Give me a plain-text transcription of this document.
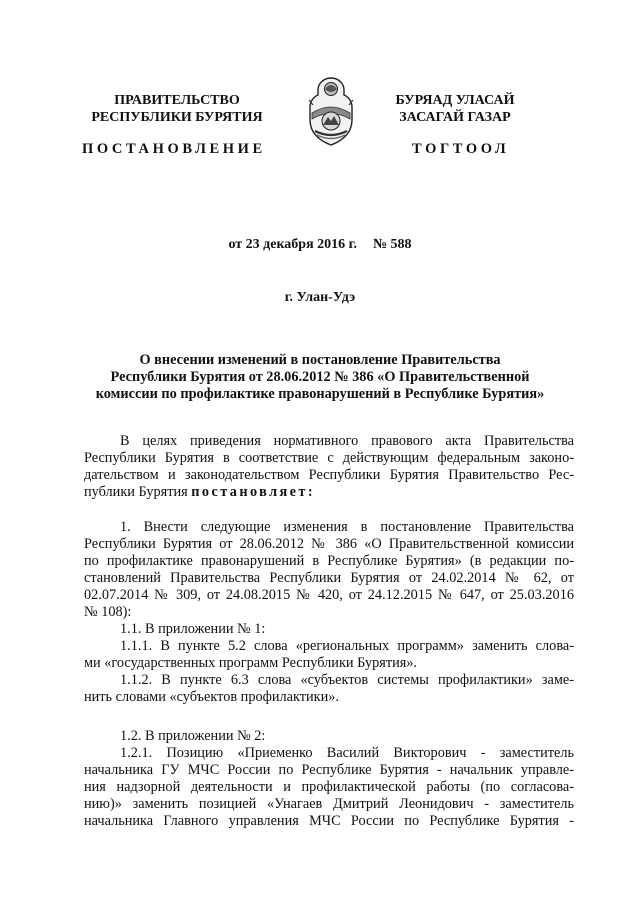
ПРАВИТЕЛЬСТВО
РЕСПУБЛИКИ БУРЯТИЯ
БУРЯАД УЛАСАЙ
ЗАСАГАЙ ГАЗАР
ПОСТАНОВЛЕНИЕ	ТОГТООЛ
от 23 декабря 2016 г. № 588
г. Улан-Удэ
О внесении изменений в постановление Правительства
Республики Бурятия от 28.06.2012 № 386 «О Правительственной
комиссии по профилактике правонарушений в Республике Бурятия»
В целях приведения нормативного правового акта Правительства
Республики Бурятия в соответствие с действующим федеральным законо-
дательством и законодательством Республики Бурятия Правительство Рес-
публики Бурятия постановляет:
1. Внести следующие изменения в постановление Правительства
Республики Бурятия от 28.06.2012 № 386 «О Правительственной комиссии
по профилактике правонарушений в Республике Бурятия» (в редакции по-
становлений Правительства Республики Бурятия от 24.02.2014 № 62, от
02.07.2014 № 309, от 24.08.2015 № 420, от 24.12.2015 № 647, от 25.03.2016
№ 108):
1.1. В приложении № 1:
1.1.1. В пункте 5.2 слова «региональных программ» заменить слова-
ми «государственных программ Республики Бурятия».
1.1.2. В пункте 6.3 слова «субъектов системы профилактики» заме-
нить словами «субъектов профилактики».
1.2. В приложении № 2:
1.2.1. Позицию «Приеменко Василий Викторович - заместитель
начальника ГУ МЧС России по Республике Бурятия - начальник управле-
ния надзорной деятельности и профилактической работы (по согласова-
нию)» заменить позицией «Унагаев Дмитрий Леонидович - заместитель
начальника Главного управления МЧС России по Республике Бурятия -
